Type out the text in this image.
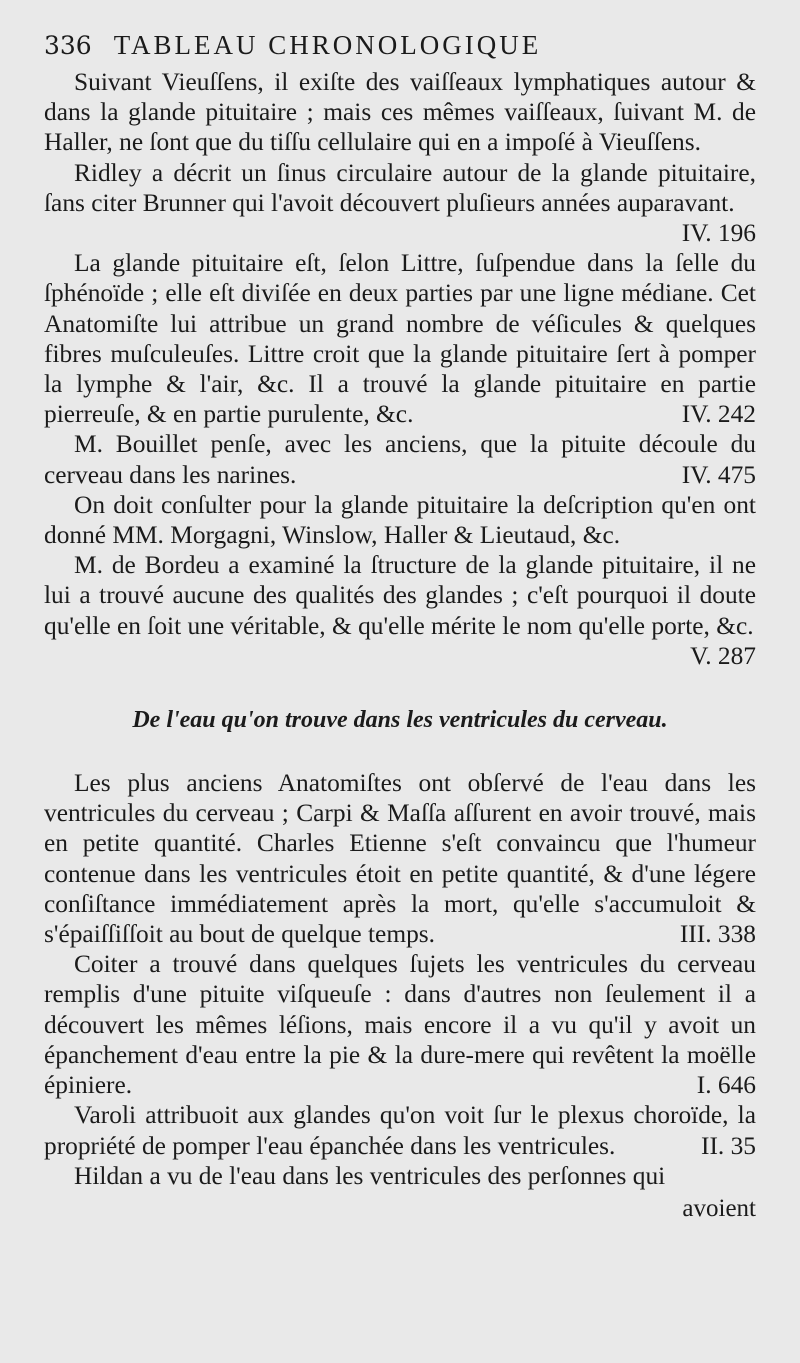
336 TABLEAU CHRONOLOGIQUE

Suivant Vieuſſens, il exiſte des vaiſſeaux lymphatiques autour & dans la glande pituitaire ; mais ces mêmes vaiſſeaux, ſuivant M. de Haller, ne ſont que du tiſſu cellulaire qui en a impoſé à Vieuſſens.

Ridley a décrit un ſinus circulaire autour de la glande pituitaire, ſans citer Brunner qui l'avoit découvert pluſieurs années auparavant.
IV. 196

La glande pituitaire eſt, ſelon Littre, ſuſpendue dans la ſelle du ſphénoïde ; elle eſt diviſée en deux parties par une ligne médiane. Cet Anatomiſte lui attribue un grand nombre de véſicules & quelques fibres muſculeuſes. Littre croit que la glande pituitaire ſert à pomper la lymphe & l'air, &c. Il a trouvé la glande pituitaire en partie pierreuſe, & en partie purulente, &c.	IV. 242

M. Bouillet penſe, avec les anciens, que la pituite découle du cerveau dans les narines.	IV. 475

On doit conſulter pour la glande pituitaire la deſcription qu'en ont donné MM. Morgagni, Winslow, Haller & Lieutaud, &c.

M. de Bordeu a examiné la ſtructure de la glande pituitaire, il ne lui a trouvé aucune des qualités des glandes ; c'eſt pourquoi il doute qu'elle en ſoit une véritable, & qu'elle mérite le nom qu'elle porte, &c.
V. 287

De l'eau qu'on trouve dans les ventricules du cerveau.

Les plus anciens Anatomiſtes ont obſervé de l'eau dans les ventricules du cerveau ; Carpi & Maſſa aſſurent en avoir trouvé, mais en petite quantité. Charles Etienne s'eſt convaincu que l'humeur contenue dans les ventricules étoit en petite quantité, & d'une légere conſiſtance immédiatement après la mort, qu'elle s'accumuloit & s'épaiſſiſſoit au bout de quelque temps.	III. 338

Coiter a trouvé dans quelques ſujets les ventricules du cerveau remplis d'une pituite viſqueuſe : dans d'autres non ſeulement il a découvert les mêmes léſions, mais encore il a vu qu'il y avoit un épanchement d'eau entre la pie & la dure-mere qui revêtent la moëlle épiniere.	I. 646

Varoli attribuoit aux glandes qu'on voit ſur le plexus choroïde, la propriété de pomper l'eau épanchée dans les ventricules.	II. 35

Hildan a vu de l'eau dans les ventricules des perſonnes qui

avoient
